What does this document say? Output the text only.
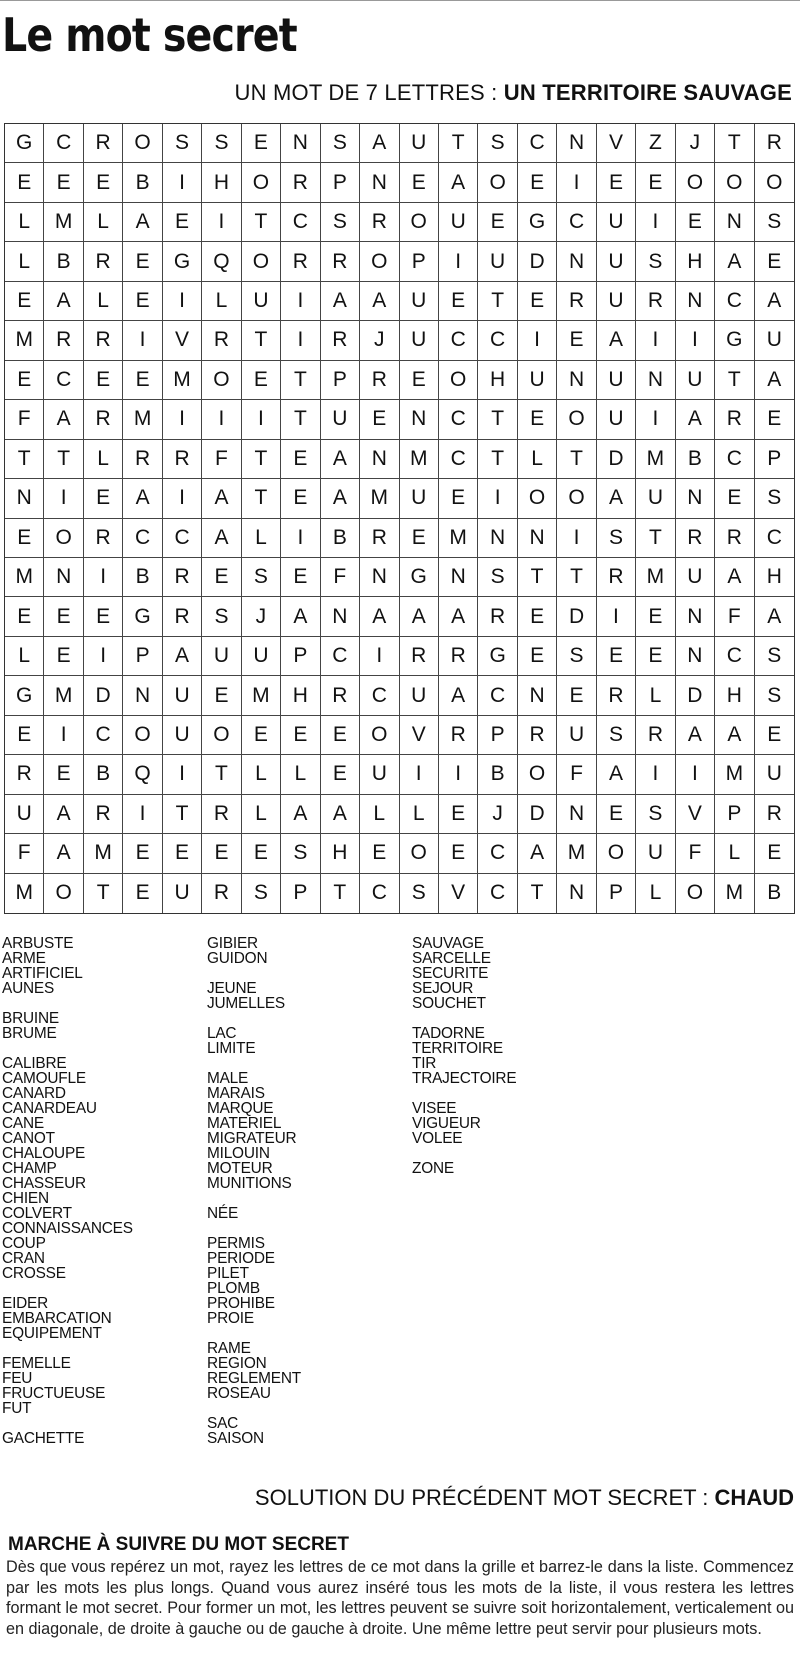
Le mot secret
UN MOT DE 7 LETTRES : UN TERRITOIRE SAUVAGE
G	C	R	O	S	S	E	N	S	A	U	T	S	C	N	V	Z	J	T	R
E	E	E	B	I	H	O	R	P	N	E	A	O	E	I	E	E	O	O	O
L	M	L	A	E	I	T	C	S	R	O	U	E	G	C	U	I	E	N	S
L	B	R	E	G	Q	O	R	R	O	P	I	U	D	N	U	S	H	A	E
E	A	L	E	I	L	U	I	A	A	U	E	T	E	R	U	R	N	C	A
M	R	R	I	V	R	T	I	R	J	U	C	C	I	E	A	I	I	G	U
E	C	E	E	M	O	E	T	P	R	E	O	H	U	N	U	N	U	T	A
F	A	R	M	I	I	I	T	U	E	N	C	T	E	O	U	I	A	R	E
T	T	L	R	R	F	T	E	A	N	M	C	T	L	T	D	M	B	C	P
N	I	E	A	I	A	T	E	A	M	U	E	I	O	O	A	U	N	E	S
E	O	R	C	C	A	L	I	B	R	E	M	N	N	I	S	T	R	R	C
M	N	I	B	R	E	S	E	F	N	G	N	S	T	T	R	M	U	A	H
E	E	E	G	R	S	J	A	N	A	A	A	R	E	D	I	E	N	F	A
L	E	I	P	A	U	U	P	C	I	R	R	G	E	S	E	E	N	C	S
G	M	D	N	U	E	M	H	R	C	U	A	C	N	E	R	L	D	H	S
E	I	C	O	U	O	E	E	E	O	V	R	P	R	U	S	R	A	A	E
R	E	B	Q	I	T	L	L	E	U	I	I	B	O	F	A	I	I	M	U
U	A	R	I	T	R	L	A	A	L	L	E	J	D	N	E	S	V	P	R
F	A	M	E	E	E	E	S	H	E	O	E	C	A	M	O	U	F	L	E
M	O	T	E	U	R	S	P	T	C	S	V	C	T	N	P	L	O	M	B
ARBUSTE
ARME
ARTIFICIEL
AUNES
BRUINE
BRUME
CALIBRE
CAMOUFLE
CANARD
CANARDEAU
CANE
CANOT
CHALOUPE
CHAMP
CHASSEUR
CHIEN
COLVERT
CONNAISSANCES
COUP
CRAN
CROSSE
EIDER
EMBARCATION
EQUIPEMENT
FEMELLE
FEU
FRUCTUEUSE
FUT
GACHETTE
GIBIER
GUIDON
JEUNE
JUMELLES
LAC
LIMITE
MALE
MARAIS
MARQUE
MATERIEL
MIGRATEUR
MILOUIN
MOTEUR
MUNITIONS
NÉE
PERMIS
PERIODE
PILET
PLOMB
PROHIBE
PROIE
RAME
REGION
REGLEMENT
ROSEAU
SAC
SAISON
SAUVAGE
SARCELLE
SECURITE
SEJOUR
SOUCHET
TADORNE
TERRITOIRE
TIR
TRAJECTOIRE
VISEE
VIGUEUR
VOLEE
ZONE
SOLUTION DU PRÉCÉDENT MOT SECRET : CHAUD
MARCHE À SUIVRE DU MOT SECRET

Dès que vous repérez un mot, rayez les lettres de ce mot dans la grille et barrez-le dans la liste. Commencez par les mots les plus longs. Quand vous aurez inséré tous les mots de la liste, il vous restera les lettres formant le mot secret. Pour former un mot, les lettres peuvent se suivre soit horizontalement, verticalement ou en diagonale, de droite à gauche ou de gauche à droite. Une même lettre peut servir pour plusieurs mots.
